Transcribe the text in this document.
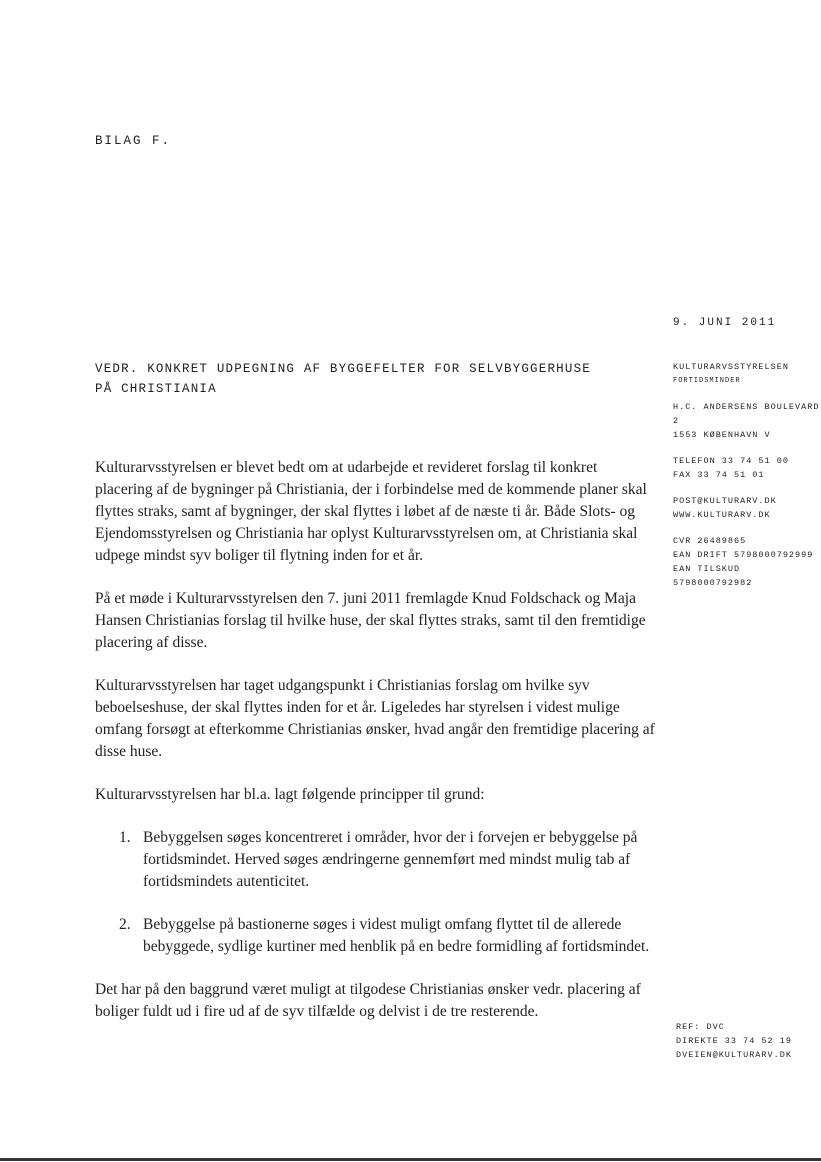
BILAG F.
9. JUNI 2011
VEDR. KONKRET UDPEGNING AF BYGGEFELTER FOR SELVBYGGERHUSE
PÅ CHRISTIANIA
KULTURARVSSTYRELSEN
FORTIDSMINDER
H.C. ANDERSENS BOULEVARD
2
1553 KØBENHAVN V
TELEFON 33 74 51 00
FAX 33 74 51 01
POST@KULTURARV.DK
WWW.KULTURARV.DK
CVR 26489865
EAN DRIFT 5798000792999
EAN TILSKUD
5798000792982

Kulturarvsstyrelsen er blevet bedt om at udarbejde et revideret forslag til konkret placering af de bygninger på Christiania, der i forbindelse med de kommende planer skal flyttes straks, samt af bygninger, der skal flyttes i løbet af de næste ti år. Både Slots- og Ejendomsstyrelsen og Christiania har oplyst Kulturarvsstyrelsen om, at Christiania skal udpege mindst syv boliger til flytning inden for et år.

På et møde i Kulturarvsstyrelsen den 7. juni 2011 fremlagde Knud Foldschack og Maja Hansen Christianias forslag til hvilke huse, der skal flyttes straks, samt til den fremtidige placering af disse.

Kulturarvsstyrelsen har taget udgangspunkt i Christianias forslag om hvilke syv beboelseshuse, der skal flyttes inden for et år. Ligeledes har styrelsen i videst mulige omfang forsøgt at efterkomme Christianias ønsker, hvad angår den fremtidige placering af disse huse.

Kulturarvsstyrelsen har bl.a. lagt følgende principper til grund:

1. Bebyggelsen søges koncentreret i områder, hvor der i forvejen er bebyggelse på fortidsmindet. Herved søges ændringerne gennemført med mindst mulig tab af fortidsmindets autenticitet.
2. Bebyggelse på bastionerne søges i videst muligt omfang flyttet til de allerede bebyggede, sydlige kurtiner med henblik på en bedre formidling af fortidsmindet.

Det har på den baggrund været muligt at tilgodese Christianias ønsker vedr. placering af boliger fuldt ud i fire ud af de syv tilfælde og delvist i de tre resterende.

REF: DVC
DIREKTE 33 74 52 19
DVEIEN@KULTURARV.DK
